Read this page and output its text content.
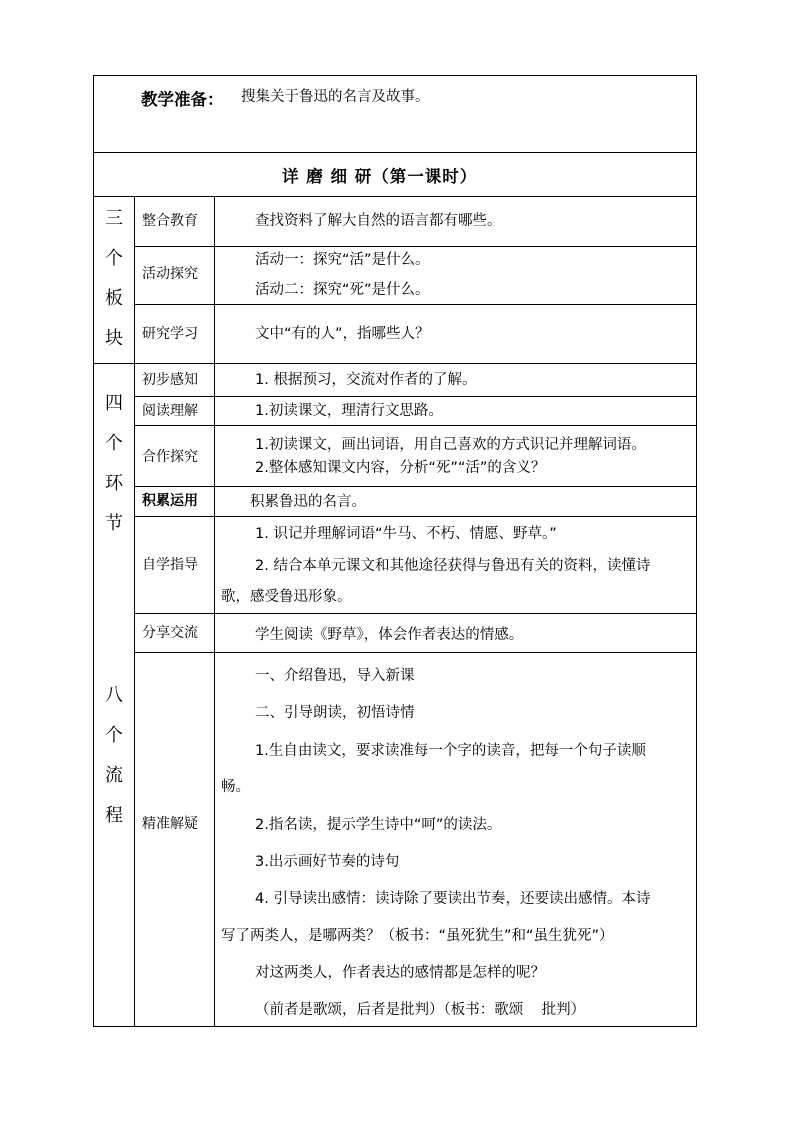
教学准备： 搜集关于鲁迅的名言及故事。
详 磨 细 研（第一课时）
三
个
板
块
四
个
环
节
八
个
流
程
整合教育
活动探究
研究学习
初步感知
阅读理解
合作探究
积累运用
自学指导
分享交流
精准解疑
查找资料了解大自然的语言都有哪些。
活动一：探究“活”是什么。
活动二：探究“死”是什么。
文中“有的人”，指哪些人？
1. 根据预习，交流对作者的了解。
1.初读课文，理清行文思路。
1.初读课文，画出词语，用自己喜欢的方式识记并理解词语。
2.整体感知课文内容，分析“死”“活”的含义？
积累鲁迅的名言。
1. 识记并理解词语“牛马、不朽、情愿、野草。”
2. 结合本单元课文和其他途径获得与鲁迅有关的资料，读懂诗
歌，感受鲁迅形象。
学生阅读《野草》，体会作者表达的情感。
一、介绍鲁迅，导入新课
二、引导朗读，初悟诗情
1.生自由读文，要求读准每一个字的读音，把每一个句子读顺
畅。
2.指名读，提示学生诗中“呵”的读法。
3.出示画好节奏的诗句
4. 引导读出感情：读诗除了要读出节奏，还要读出感情。本诗
写了两类人，是哪两类？（板书：“虽死犹生”和“虽生犹死”）
对这两类人，作者表达的感情都是怎样的呢？
（前者是歌颂，后者是批判）（板书：歌颂    批判）
